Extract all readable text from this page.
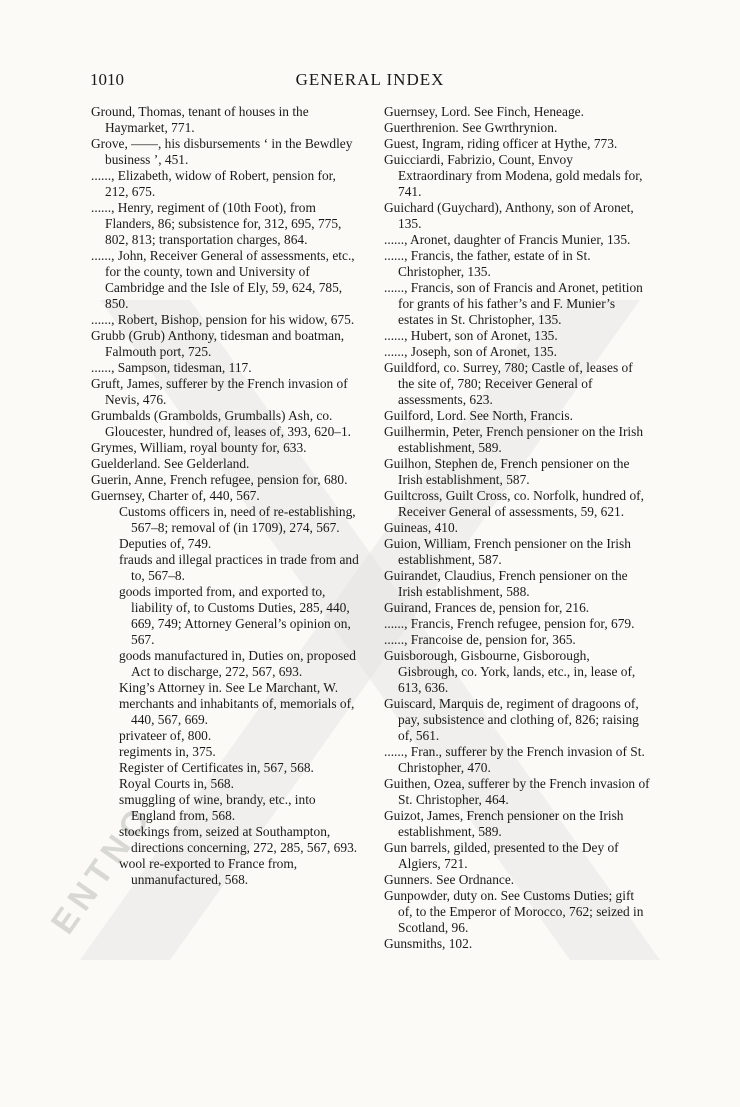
ENTNO
1010	GENERAL INDEX

Ground, Thomas, tenant of houses in the Haymarket, 771.

Grove, ——, his disbursements ‘ in the Bewdley business ’, 451.

......, Elizabeth, widow of Robert, pension for, 212, 675.

......, Henry, regiment of (10th Foot), from Flanders, 86; subsistence for, 312, 695, 775, 802, 813; transportation charges, 864.

......, John, Receiver General of assessments, etc., for the county, town and University of Cambridge and the Isle of Ely, 59, 624, 785, 850.

......, Robert, Bishop, pension for his widow, 675.

Grubb (Grub) Anthony, tidesman and boatman, Falmouth port, 725.

......, Sampson, tidesman, 117.

Gruft, James, sufferer by the French invasion of Nevis, 476.

Grumbalds (Grambolds, Grumballs) Ash, co. Gloucester, hundred of, leases of, 393, 620–1.

Grymes, William, royal bounty for, 633.

Guelderland. See Gelderland.

Guerin, Anne, French refugee, pension for, 680.

Guernsey, Charter of, 440, 567.

Customs officers in, need of re-establishing, 567–8; removal of (in 1709), 274, 567.

Deputies of, 749.

frauds and illegal practices in trade from and to, 567–8.

goods imported from, and exported to, liability of, to Customs Duties, 285, 440, 669, 749; Attorney General’s opinion on, 567.

goods manufactured in, Duties on, proposed Act to discharge, 272, 567, 693.

King’s Attorney in. See Le Marchant, W.

merchants and inhabitants of, memorials of, 440, 567, 669.

privateer of, 800.

regiments in, 375.

Register of Certificates in, 567, 568.

Royal Courts in, 568.

smuggling of wine, brandy, etc., into England from, 568.

stockings from, seized at Southampton, directions concerning, 272, 285, 567, 693.

wool re-exported to France from, unmanufactured, 568.

Guernsey, Lord. See Finch, Heneage.

Guerthrenion. See Gwrthrynion.

Guest, Ingram, riding officer at Hythe, 773.

Guicciardi, Fabrizio, Count, Envoy Extraordinary from Modena, gold medals for, 741.

Guichard (Guychard), Anthony, son of Aronet, 135.

......, Aronet, daughter of Francis Munier, 135.

......, Francis, the father, estate of in St. Christopher, 135.

......, Francis, son of Francis and Aronet, petition for grants of his father’s and F. Munier’s estates in St. Christopher, 135.

......, Hubert, son of Aronet, 135.

......, Joseph, son of Aronet, 135.

Guildford, co. Surrey, 780; Castle of, leases of the site of, 780; Receiver General of assessments, 623.

Guilford, Lord. See North, Francis.

Guilhermin, Peter, French pensioner on the Irish establishment, 589.

Guilhon, Stephen de, French pensioner on the Irish establishment, 587.

Guiltcross, Guilt Cross, co. Norfolk, hundred of, Receiver General of assessments, 59, 621.

Guineas, 410.

Guion, William, French pensioner on the Irish establishment, 587.

Guirandet, Claudius, French pensioner on the Irish establishment, 588.

Guirand, Frances de, pension for, 216.

......, Francis, French refugee, pension for, 679.

......, Francoise de, pension for, 365.

Guisborough, Gisbourne, Gisborough, Gisbrough, co. York, lands, etc., in, lease of, 613, 636.

Guiscard, Marquis de, regiment of dragoons of, pay, subsistence and clothing of, 826; raising of, 561.

......, Fran., sufferer by the French invasion of St. Christopher, 470.

Guithen, Ozea, sufferer by the French invasion of St. Christopher, 464.

Guizot, James, French pensioner on the Irish establishment, 589.

Gun barrels, gilded, presented to the Dey of Algiers, 721.

Gunners. See Ordnance.

Gunpowder, duty on. See Customs Duties; gift of, to the Emperor of Morocco, 762; seized in Scotland, 96.

Gunsmiths, 102.
